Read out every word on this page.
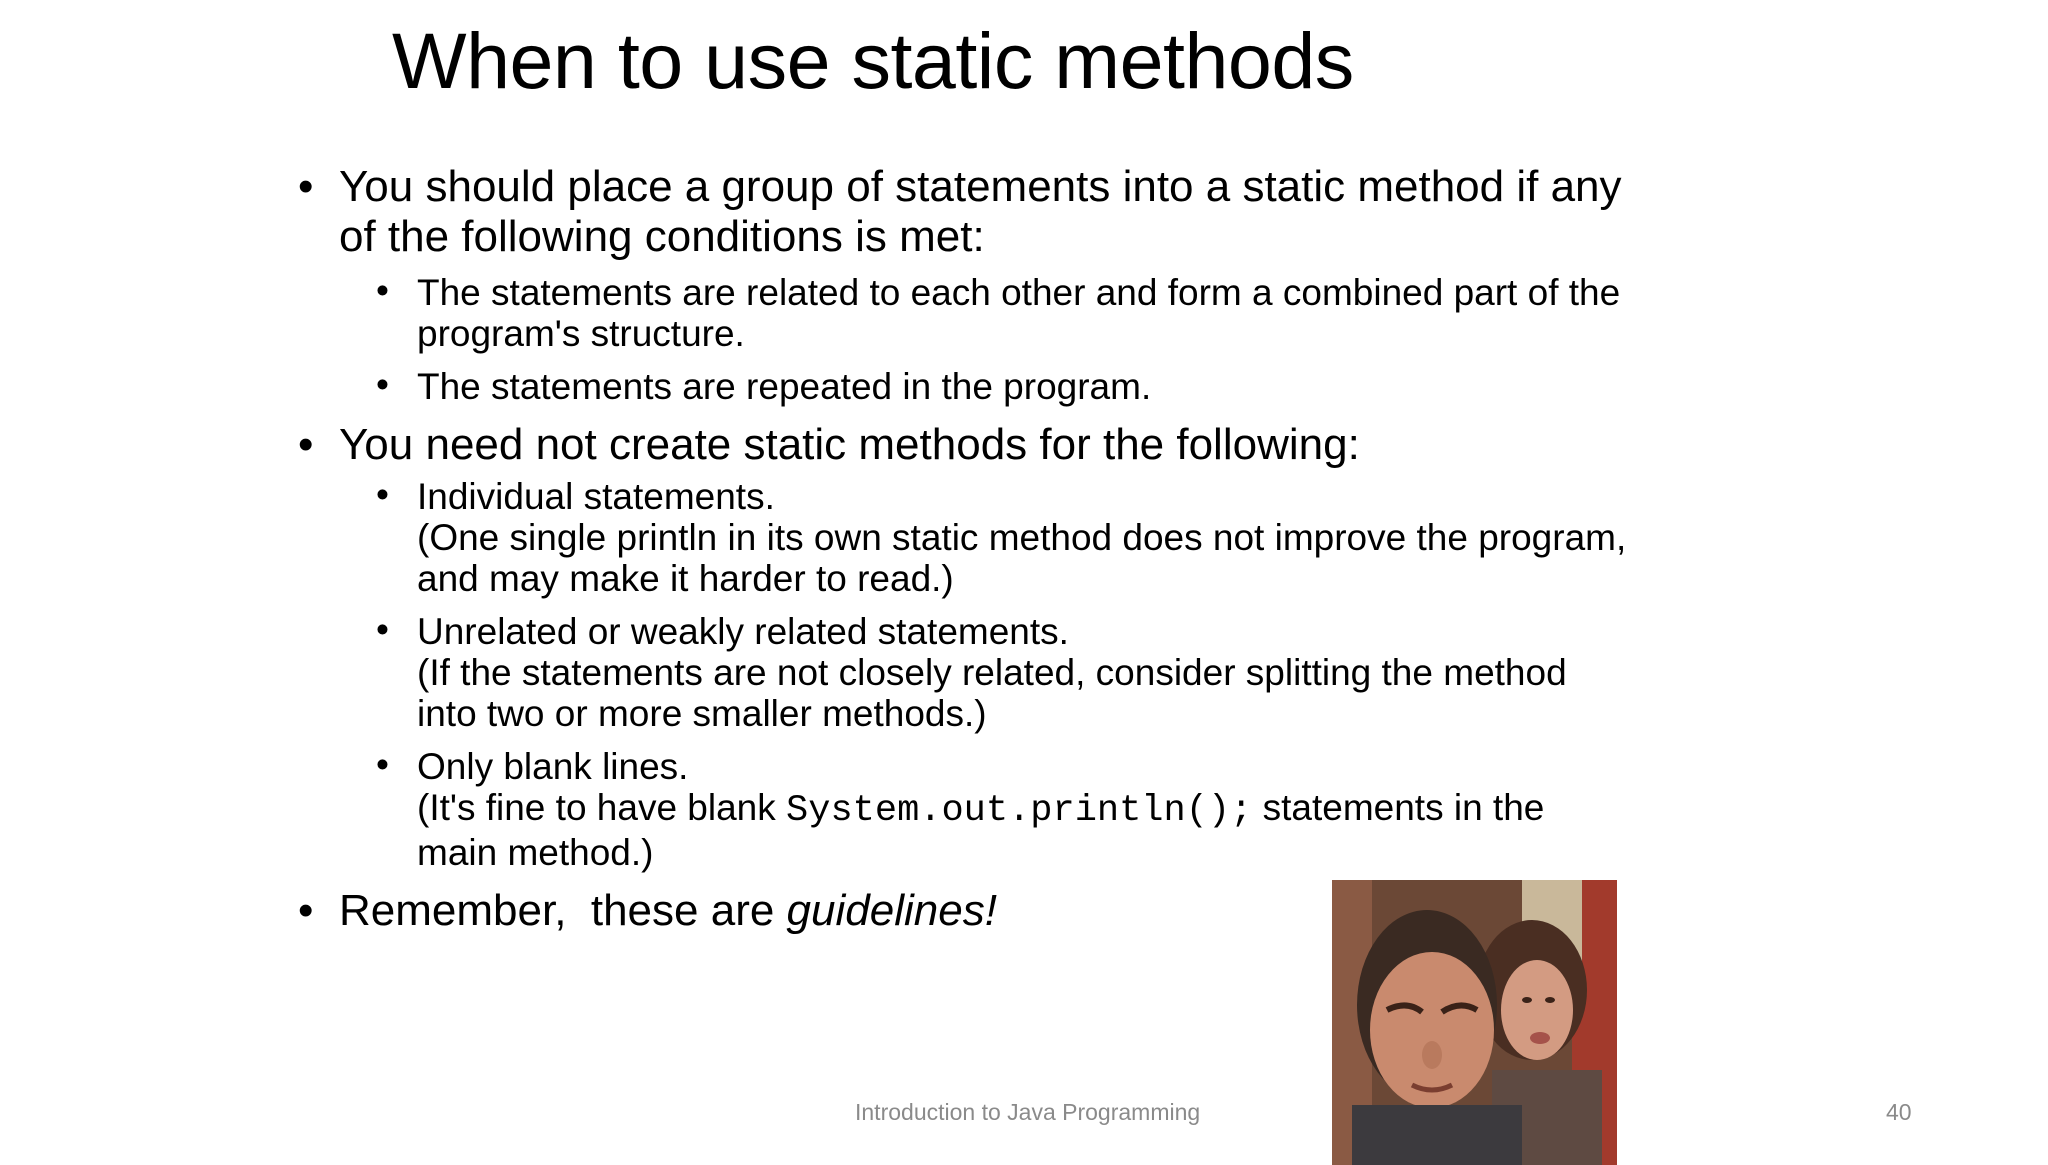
When to use static methods
• You should place a group of statements into a static method if any
of the following conditions is met:
• The statements are related to each other and form a combined part of the
program's structure.
• The statements are repeated in the program.
• You need not create static methods for the following:
• Individual statements.
(One single println in its own static method does not improve the program,
and may make it harder to read.)
• Unrelated or weakly related statements.
(If the statements are not closely related, consider splitting the method
into two or more smaller methods.)
• Only blank lines.
(It's fine to have blank System.out.println(); statements in the
main method.)
• Remember,  these are guidelines!
Introduction to Java Programming	40
